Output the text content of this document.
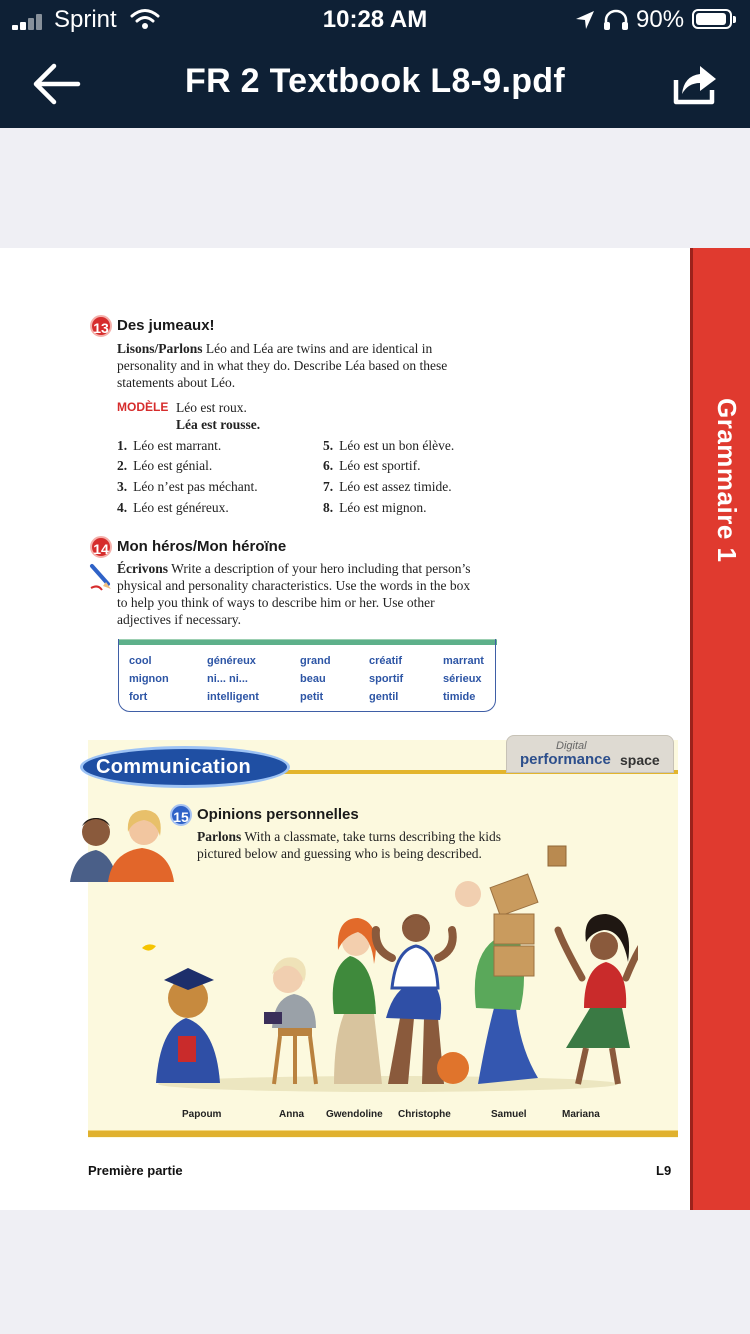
Sprint	10:28 AM	90%
FR 2 Textbook L8-9.pdf
Grammaire 1
13 Des jumeaux!
Lisons/Parlons Léo and Léa are twins and are identical in
personality and in what they do. Describe Léa based on these
statements about Léo.
MODÈLE Léo est roux.
Léa est rousse.
1. Léo est marrant.
2. Léo est génial.
3. Léo n’est pas méchant.
4. Léo est généreux.
5. Léo est un bon élève.
6. Léo est sportif.
7. Léo est assez timide.
8. Léo est mignon.
14 Mon héros/Mon héroïne
Écrivons Write a description of your hero including that person’s
physical and personality characteristics. Use the words in the box
to help you think of ways to describe him or her. Use other
adjectives if necessary.
cool	généreux	grand	créatif	marrant
mignon	ni... ni...	beau	sportif	sérieux
fort	intelligent	petit	gentil	timide
Digital
performance space
Communication
15 Opinions personnelles
Parlons With a classmate, take turns describing the kids
pictured below and guessing who is being described.
Papoum	Anna Gwendoline Christophe	Samuel	Mariana
Première partie	L9
